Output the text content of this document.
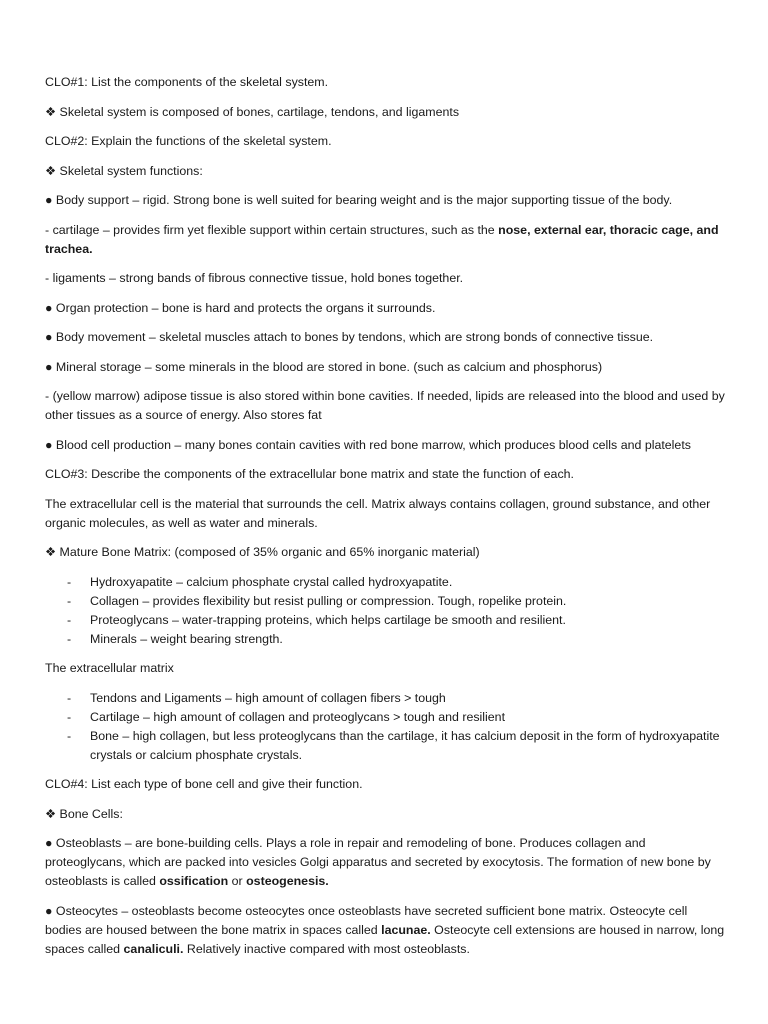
CLO#1: List the components of the skeletal system.

❖ Skeletal system is composed of bones, cartilage, tendons, and ligaments

CLO#2: Explain the functions of the skeletal system.

❖ Skeletal system functions:

● Body support – rigid. Strong bone is well suited for bearing weight and is the major supporting tissue of the body.

- cartilage – provides firm yet flexible support within certain structures, such as the nose, external ear, thoracic cage, and trachea.

- ligaments – strong bands of fibrous connective tissue, hold bones together.

● Organ protection – bone is hard and protects the organs it surrounds.

● Body movement – skeletal muscles attach to bones by tendons, which are strong bonds of connective tissue.

● Mineral storage – some minerals in the blood are stored in bone. (such as calcium and phosphorus)

- (yellow marrow) adipose tissue is also stored within bone cavities. If needed, lipids are released into the blood and used by other tissues as a source of energy. Also stores fat

● Blood cell production – many bones contain cavities with red bone marrow, which produces blood cells and platelets

CLO#3: Describe the components of the extracellular bone matrix and state the function of each.

The extracellular cell is the material that surrounds the cell. Matrix always contains collagen, ground substance, and other organic molecules, as well as water and minerals.

❖ Mature Bone Matrix: (composed of 35% organic and 65% inorganic material)

- Hydroxyapatite – calcium phosphate crystal called hydroxyapatite.
- Collagen – provides flexibility but resist pulling or compression. Tough, ropelike protein.
- Proteoglycans – water-trapping proteins, which helps cartilage be smooth and resilient.
- Minerals – weight bearing strength.

The extracellular matrix

- Tendons and Ligaments – high amount of collagen fibers > tough
- Cartilage – high amount of collagen and proteoglycans > tough and resilient
- Bone – high collagen, but less proteoglycans than the cartilage, it has calcium deposit in the form of hydroxyapatite crystals or calcium phosphate crystals.

CLO#4: List each type of bone cell and give their function.

❖ Bone Cells:

● Osteoblasts – are bone-building cells. Plays a role in repair and remodeling of bone. Produces collagen and proteoglycans, which are packed into vesicles Golgi apparatus and secreted by exocytosis. The formation of new bone by osteoblasts is called ossification or osteogenesis.

● Osteocytes – osteoblasts become osteocytes once osteoblasts have secreted sufficient bone matrix. Osteocyte cell bodies are housed between the bone matrix in spaces called lacunae. Osteocyte cell extensions are housed in narrow, long spaces called canaliculi. Relatively inactive compared with most osteoblasts.
